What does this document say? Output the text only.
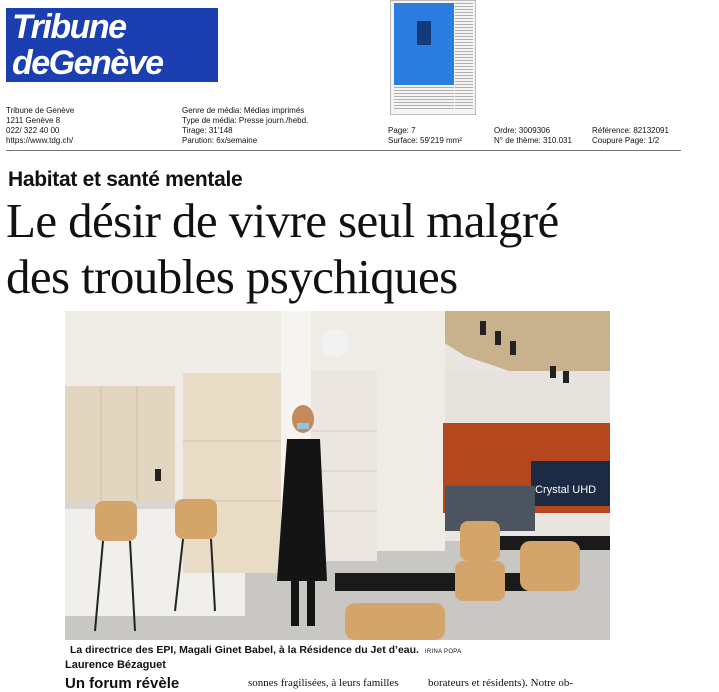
Tribune
deGenève
Tribune de Genève
1211 Genève 8
022/ 322 40 00
https://www.tdg.ch/
Genre de média: Médias imprimés
Type de média: Presse journ./hebd.
Tirage: 31'148
Parution: 6x/semaine
Page: 7
Surface: 59'219 mm²
Ordre: 3009306
N° de thème: 310.031
Référence: 82132091
Coupure Page: 1/2
Habitat et santé mentale
Le désir de vivre seul malgré
des troubles psychiques
Crystal UHD
La directrice des EPI, Magali Ginet Babel, à la Résidence du Jet d’eau. IRINA POPA
Laurence Bézaguet
Un forum révèle	sonnes fragilisées, à leurs familles	borateurs et résidents). Notre ob-
